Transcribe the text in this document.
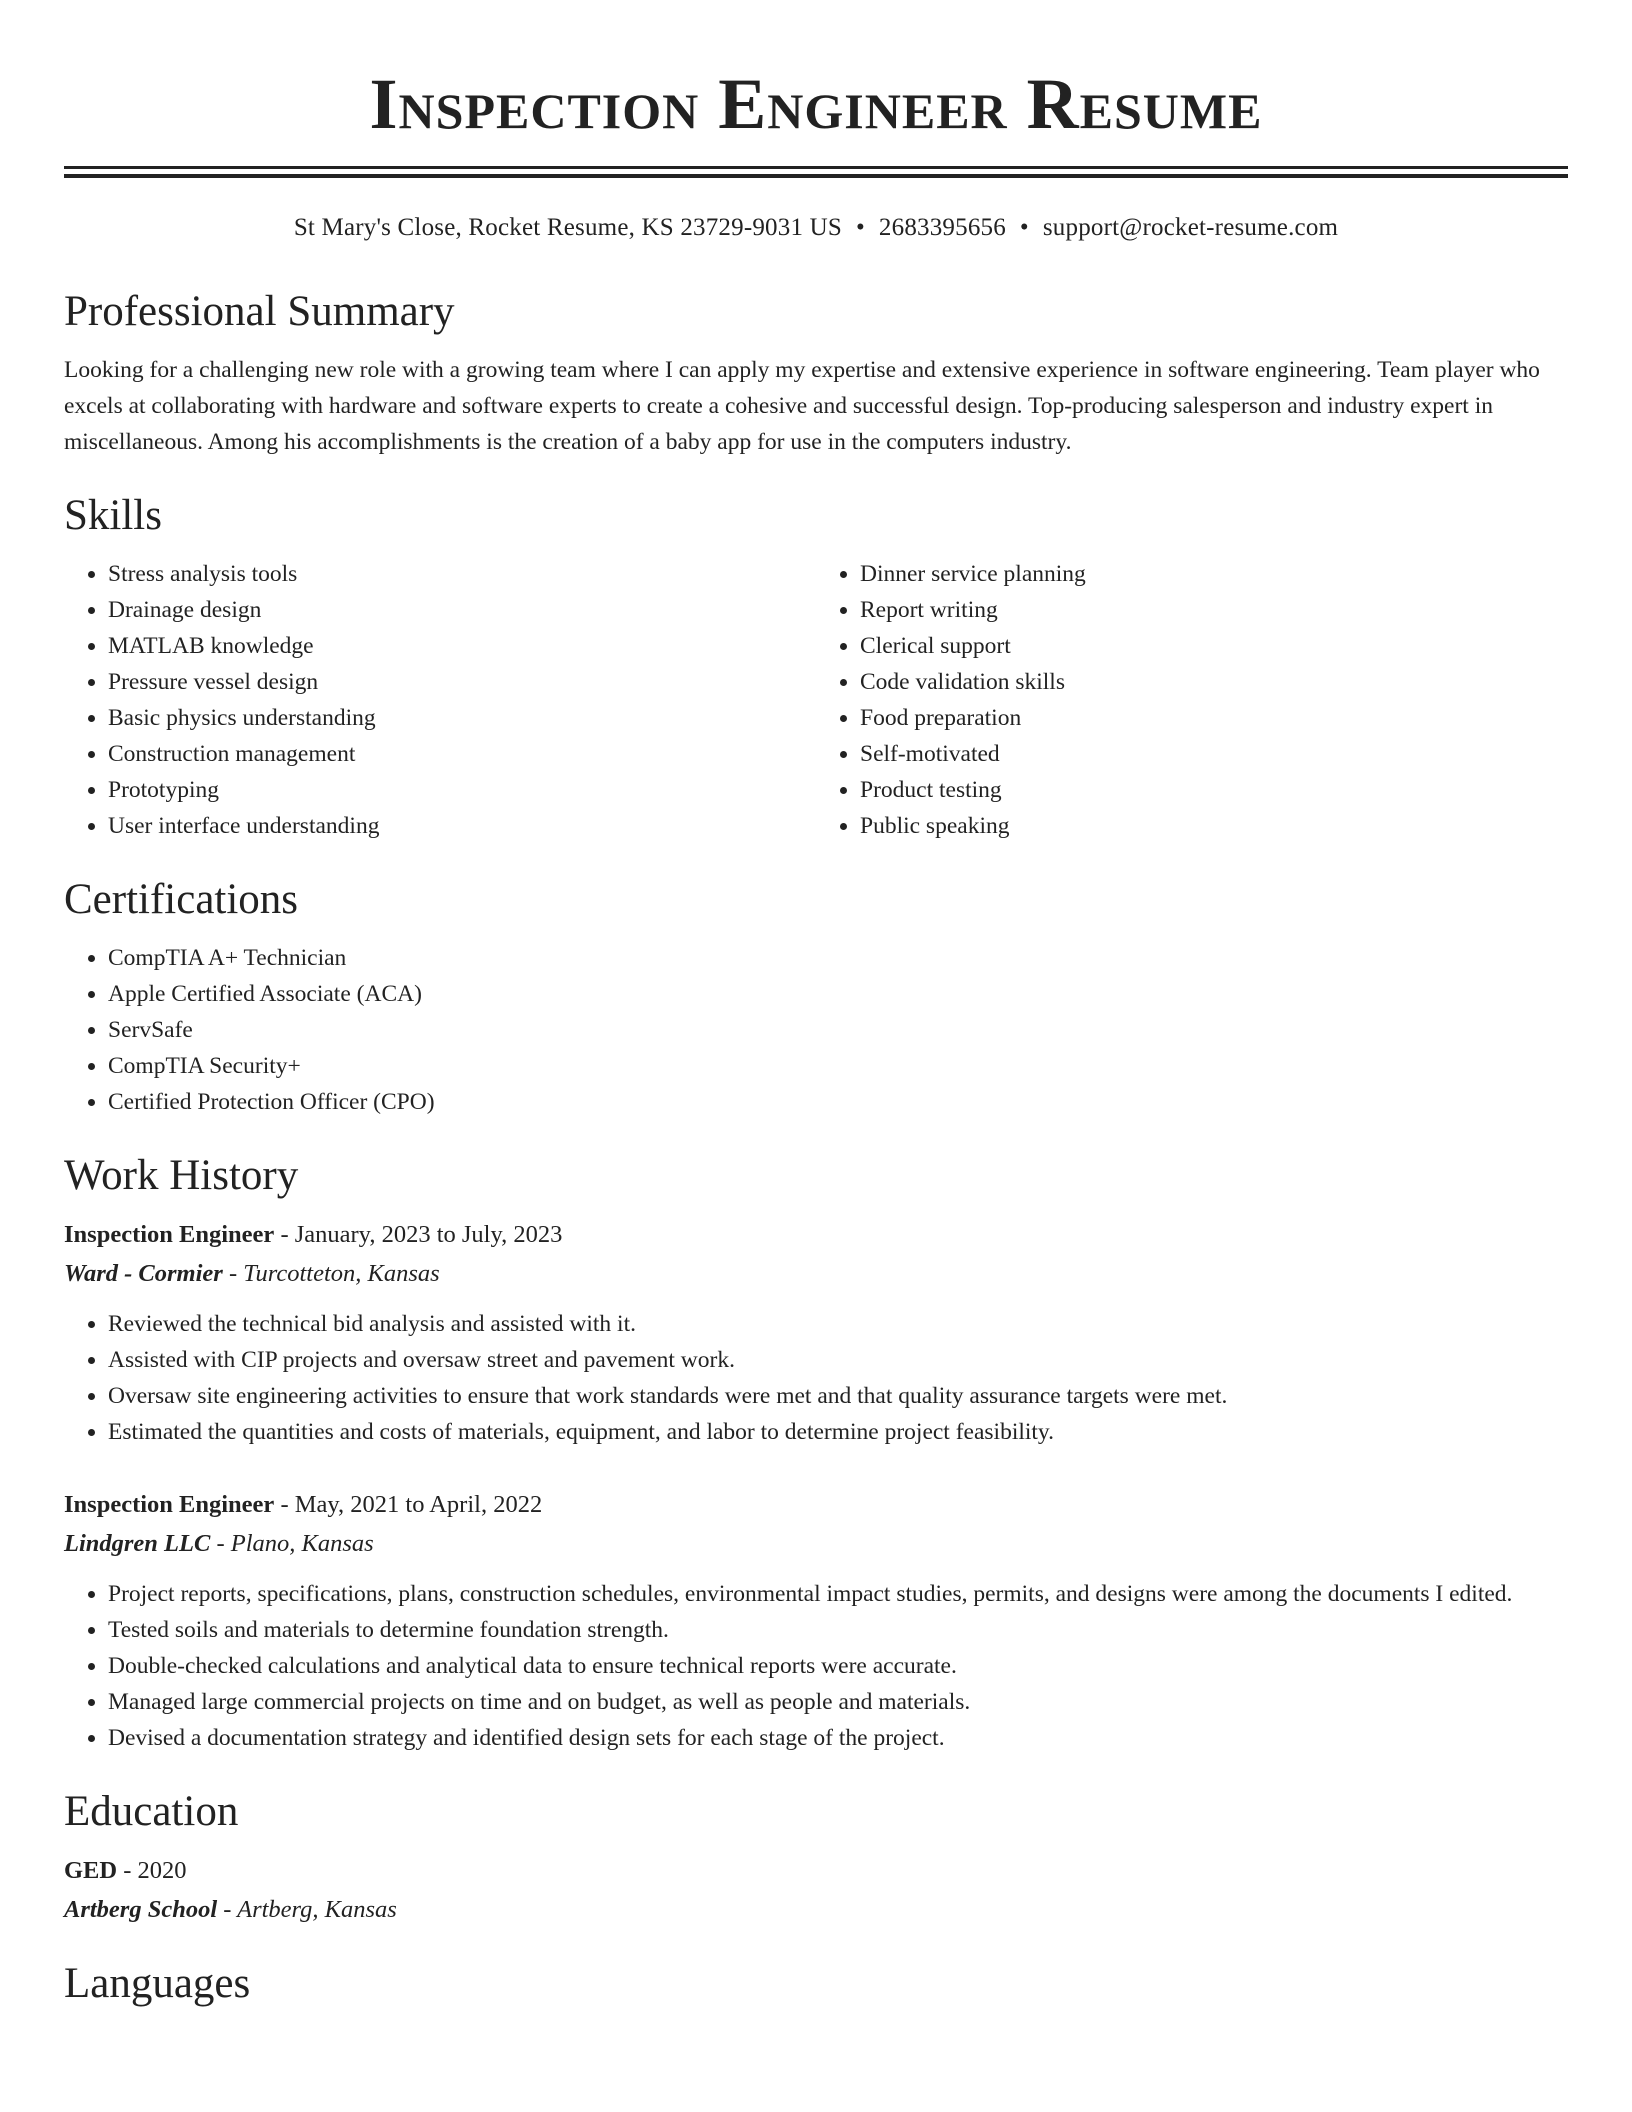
Inspection Engineer Resume
St Mary's Close, Rocket Resume, KS 23729-9031 US • 2683395656 • support@rocket-resume.com
Professional Summary
Looking for a challenging new role with a growing team where I can apply my expertise and extensive experience in software engineering. Team player who excels at collaborating with hardware and software experts to create a cohesive and successful design. Top-producing salesperson and industry expert in miscellaneous. Among his accomplishments is the creation of a baby app for use in the computers industry.
Skills
• Stress analysis tools
• Drainage design
• MATLAB knowledge
• Pressure vessel design
• Basic physics understanding
• Construction management
• Prototyping
• User interface understanding
• Dinner service planning
• Report writing
• Clerical support
• Code validation skills
• Food preparation
• Self-motivated
• Product testing
• Public speaking
Certifications
• CompTIA A+ Technician
• Apple Certified Associate (ACA)
• ServSafe
• CompTIA Security+
• Certified Protection Officer (CPO)
Work History
Inspection Engineer - January, 2023 to July, 2023
Ward - Cormier - Turcotteton, Kansas
• Reviewed the technical bid analysis and assisted with it.
• Assisted with CIP projects and oversaw street and pavement work.
• Oversaw site engineering activities to ensure that work standards were met and that quality assurance targets were met.
• Estimated the quantities and costs of materials, equipment, and labor to determine project feasibility.
Inspection Engineer - May, 2021 to April, 2022
Lindgren LLC - Plano, Kansas
• Project reports, specifications, plans, construction schedules, environmental impact studies, permits, and designs were among the documents I edited.
• Tested soils and materials to determine foundation strength.
• Double-checked calculations and analytical data to ensure technical reports were accurate.
• Managed large commercial projects on time and on budget, as well as people and materials.
• Devised a documentation strategy and identified design sets for each stage of the project.
Education
GED - 2020
Artberg School - Artberg, Kansas
Languages
